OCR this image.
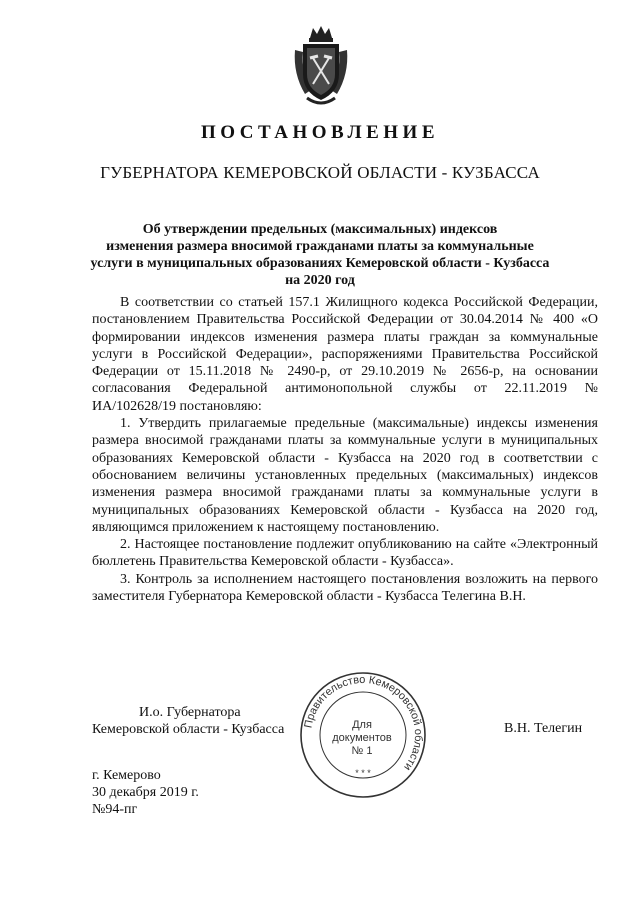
ПОСТАНОВЛЕНИЕ
ГУБЕРНАТОРА КЕМЕРОВСКОЙ ОБЛАСТИ - КУЗБАССА
Об утверждении предельных (максимальных) индексов
изменения размера вносимой гражданами платы за коммунальные
услуги в муниципальных образованиях Кемеровской области - Кузбасса
на 2020 год

В соответствии со статьей 157.1 Жилищного кодекса Российской Федерации, постановлением Правительства Российской Федерации от 30.04.2014 № 400 «О формировании индексов изменения размера платы граждан за коммунальные услуги в Российской Федерации», распоряжениями Правительства Российской Федерации от 15.11.2018 № 2490-р, от 29.10.2019 № 2656-р, на основании согласования Федеральной антимонопольной службы от 22.11.2019 № ИА/102628/19 постановляю:

1. Утвердить прилагаемые предельные (максимальные) индексы изменения размера вносимой гражданами платы за коммунальные услуги в муниципальных образованиях Кемеровской области - Кузбасса на 2020 год в соответствии с обоснованием величины установленных предельных (максимальных) индексов изменения размера вносимой гражданами платы за коммунальные услуги в муниципальных образованиях Кемеровской области - Кузбасса на 2020 год, являющимся приложением к настоящему постановлению.

2. Настоящее постановление подлежит опубликованию на сайте «Электронный бюллетень Правительства Кемеровской области - Кузбасса».

3. Контроль за исполнением настоящего постановления возложить на первого заместителя Губернатора Кемеровской области - Кузбасса Телегина В.Н.

И.о. Губернатора
Кемеровской области - Кузбасса	В.Н. Телегин
Правительство Кемеровской области
* * *
Для
документов
№ 1
г. Кемерово
30 декабря 2019 г.
№94-пг
